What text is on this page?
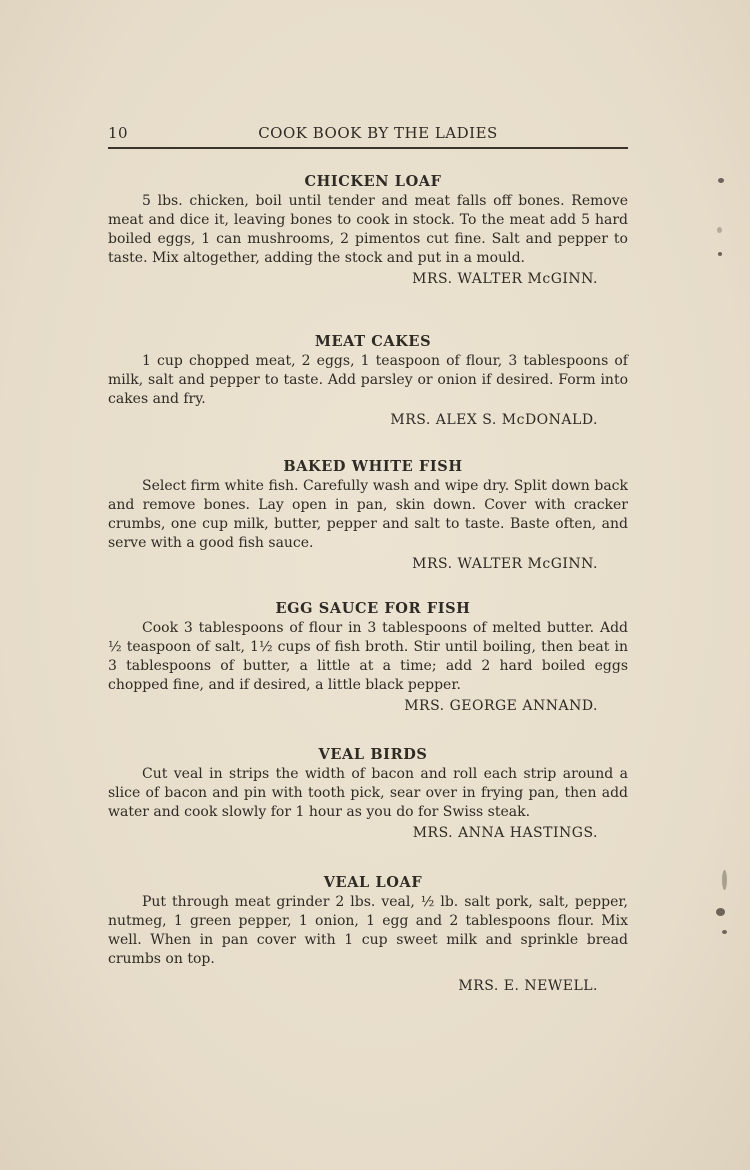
10	COOK BOOK BY THE LADIES
CHICKEN LOAF

5 lbs. chicken, boil until tender and meat falls off bones. Remove meat and dice it, leaving bones to cook in stock. To the meat add 5 hard boiled eggs, 1 can mushrooms, 2 pimentos cut fine. Salt and pepper to taste. Mix altogether, adding the stock and put in a mould.

MRS. WALTER McGINN.
MEAT CAKES

1 cup chopped meat, 2 eggs, 1 teaspoon of flour, 3 tablespoons of milk, salt and pepper to taste. Add parsley or onion if desired. Form into cakes and fry.

MRS. ALEX S. McDONALD.
BAKED WHITE FISH

Select firm white fish. Carefully wash and wipe dry. Split down back and remove bones. Lay open in pan, skin down. Cover with cracker crumbs, one cup milk, butter, pepper and salt to taste. Baste often, and serve with a good fish sauce.

MRS. WALTER McGINN.
EGG SAUCE FOR FISH

Cook 3 tablespoons of flour in 3 tablespoons of melted butter. Add ½ teaspoon of salt, 1½ cups of fish broth. Stir until boiling, then beat in 3 tablespoons of butter, a little at a time; add 2 hard boiled eggs chopped fine, and if desired, a little black pepper.

MRS. GEORGE ANNAND.
VEAL BIRDS

Cut veal in strips the width of bacon and roll each strip around a slice of bacon and pin with tooth pick, sear over in frying pan, then add water and cook slowly for 1 hour as you do for Swiss steak.

MRS. ANNA HASTINGS.
VEAL LOAF

Put through meat grinder 2 lbs. veal, ½ lb. salt pork, salt, pepper, nutmeg, 1 green pepper, 1 onion, 1 egg and 2 tablespoons flour. Mix well. When in pan cover with 1 cup sweet milk and sprinkle bread crumbs on top.

MRS. E. NEWELL.
